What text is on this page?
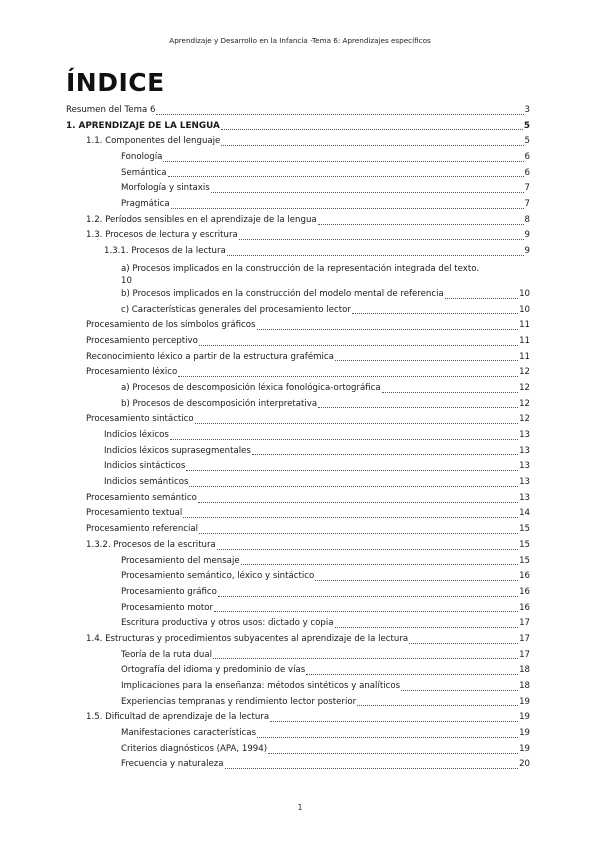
Aprendizaje y Desarrollo en la Infancia -Tema 6: Aprendizajes específicos
ÍNDICE
Resumen del Tema 6	3
1. APRENDIZAJE DE LA LENGUA	5
1.1. Componentes del lenguaje	5
Fonología	6
Semántica	6
Morfología y sintaxis	7
Pragmática	7
1.2. Períodos sensibles en el aprendizaje de la lengua	8
1.3. Procesos de lectura y escritura	9
1.3.1. Procesos de la lectura	9
a) Procesos implicados en la construcción de la representación integrada del texto.
10
b) Procesos implicados en la construcción del modelo mental de referencia	10
c) Características generales del procesamiento lector	10
Procesamiento de los símbolos gráficos	11
Procesamiento perceptivo	11
Reconocimiento léxico a partir de la estructura grafémica	11
Procesamiento léxico	12
a) Procesos de descomposición léxica fonológica-ortográfica	12
b) Procesos de descomposición interpretativa	12
Procesamiento sintáctico	12
Indicios léxicos	13
Indicios léxicos suprasegmentales	13
Indicios sintácticos	13
Indicios semánticos	13
Procesamiento semántico	13
Procesamiento textual	14
Procesamiento referencial	15
1.3.2. Procesos de la escritura	15
Procesamiento del mensaje	15
Procesamiento semántico, léxico y sintáctico	16
Procesamiento gráfico	16
Procesamiento motor	16
Escritura productiva y otros usos: dictado y copia	17
1.4. Estructuras y procedimientos subyacentes al aprendizaje de la lectura	17
Teoría de la ruta dual	17
Ortografía del idioma y predominio de vías	18
Implicaciones para la enseñanza: métodos sintéticos y analíticos	18
Experiencias tempranas y rendimiento lector posterior	19
1.5. Dificultad de aprendizaje de la lectura	19
Manifestaciones características	19
Criterios diagnósticos (APA, 1994)	19
Frecuencia y naturaleza	20
1
